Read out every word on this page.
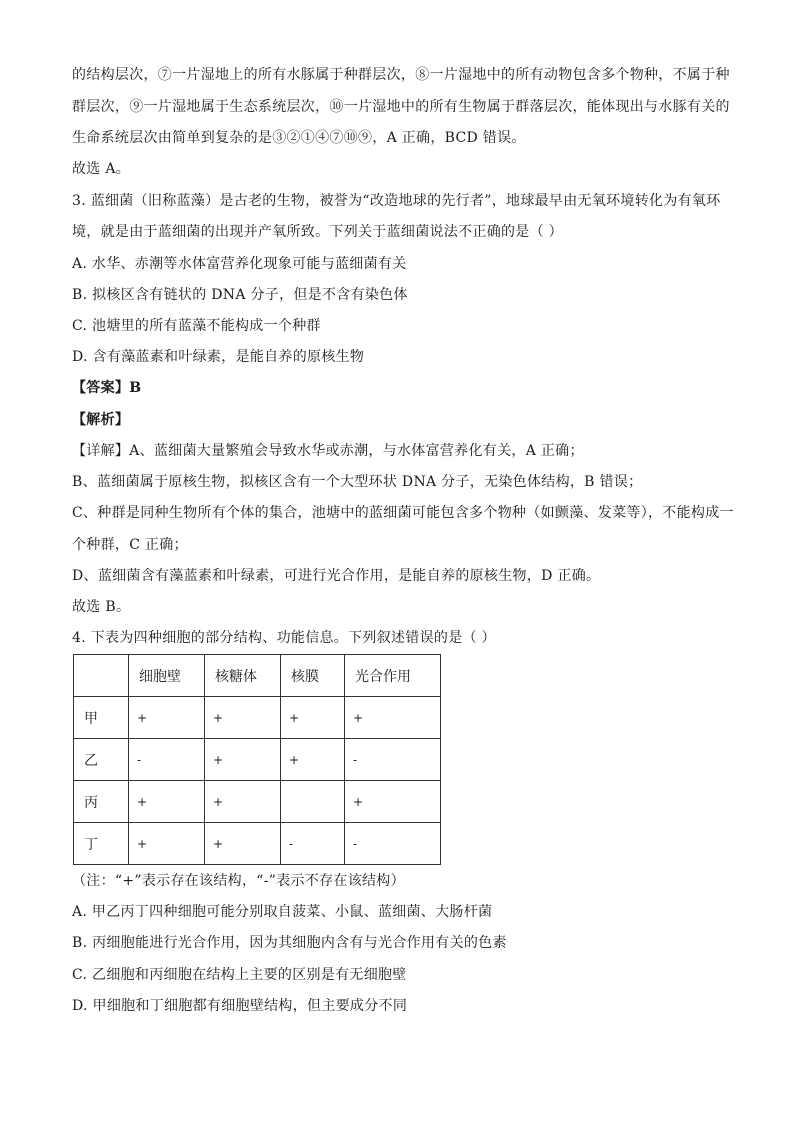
的结构层次，⑦一片湿地上的所有水豚属于种群层次，⑧一片湿地中的所有动物包含多个物种，不属于种
群层次，⑨一片湿地属于生态系统层次，⑩一片湿地中的所有生物属于群落层次，能体现出与水豚有关的
生命系统层次由简单到复杂的是③②①④⑦⑩⑨，A 正确，BCD 错误。
故选 A。
3. 蓝细菌（旧称蓝藻）是古老的生物，被誉为“改造地球的先行者”，地球最早由无氧环境转化为有氧环
境，就是由于蓝细菌的出现并产氧所致。下列关于蓝细菌说法不正确的是（ ）
A. 水华、赤潮等水体富营养化现象可能与蓝细菌有关
B. 拟核区含有链状的 DNA 分子，但是不含有染色体
C. 池塘里的所有蓝藻不能构成一个种群
D. 含有藻蓝素和叶绿素，是能自养的原核生物
【答案】B
【解析】
【详解】A、蓝细菌大量繁殖会导致水华或赤潮，与水体富营养化有关，A 正确；
B、蓝细菌属于原核生物，拟核区含有一个大型环状 DNA 分子，无染色体结构，B 错误；
C、种群是同种生物所有个体的集合，池塘中的蓝细菌可能包含多个物种（如颤藻、发菜等），不能构成一
个种群，C 正确；
D、蓝细菌含有藻蓝素和叶绿素，可进行光合作用，是能自养的原核生物，D 正确。
故选 B。
4. 下表为四种细胞的部分结构、功能信息。下列叙述错误的是（ ）
	细胞壁	核糖体	核膜	光合作用
甲	+	+	+	+
乙	-	+	+	-
丙	+	+		+
丁	+	+	-	-
（注：“+”表示存在该结构，“-”表示不存在该结构）
A. 甲乙丙丁四种细胞可能分别取自菠菜、小鼠、蓝细菌、大肠杆菌
B. 丙细胞能进行光合作用，因为其细胞内含有与光合作用有关的色素
C. 乙细胞和丙细胞在结构上主要的区别是有无细胞壁
D. 甲细胞和丁细胞都有细胞壁结构，但主要成分不同
